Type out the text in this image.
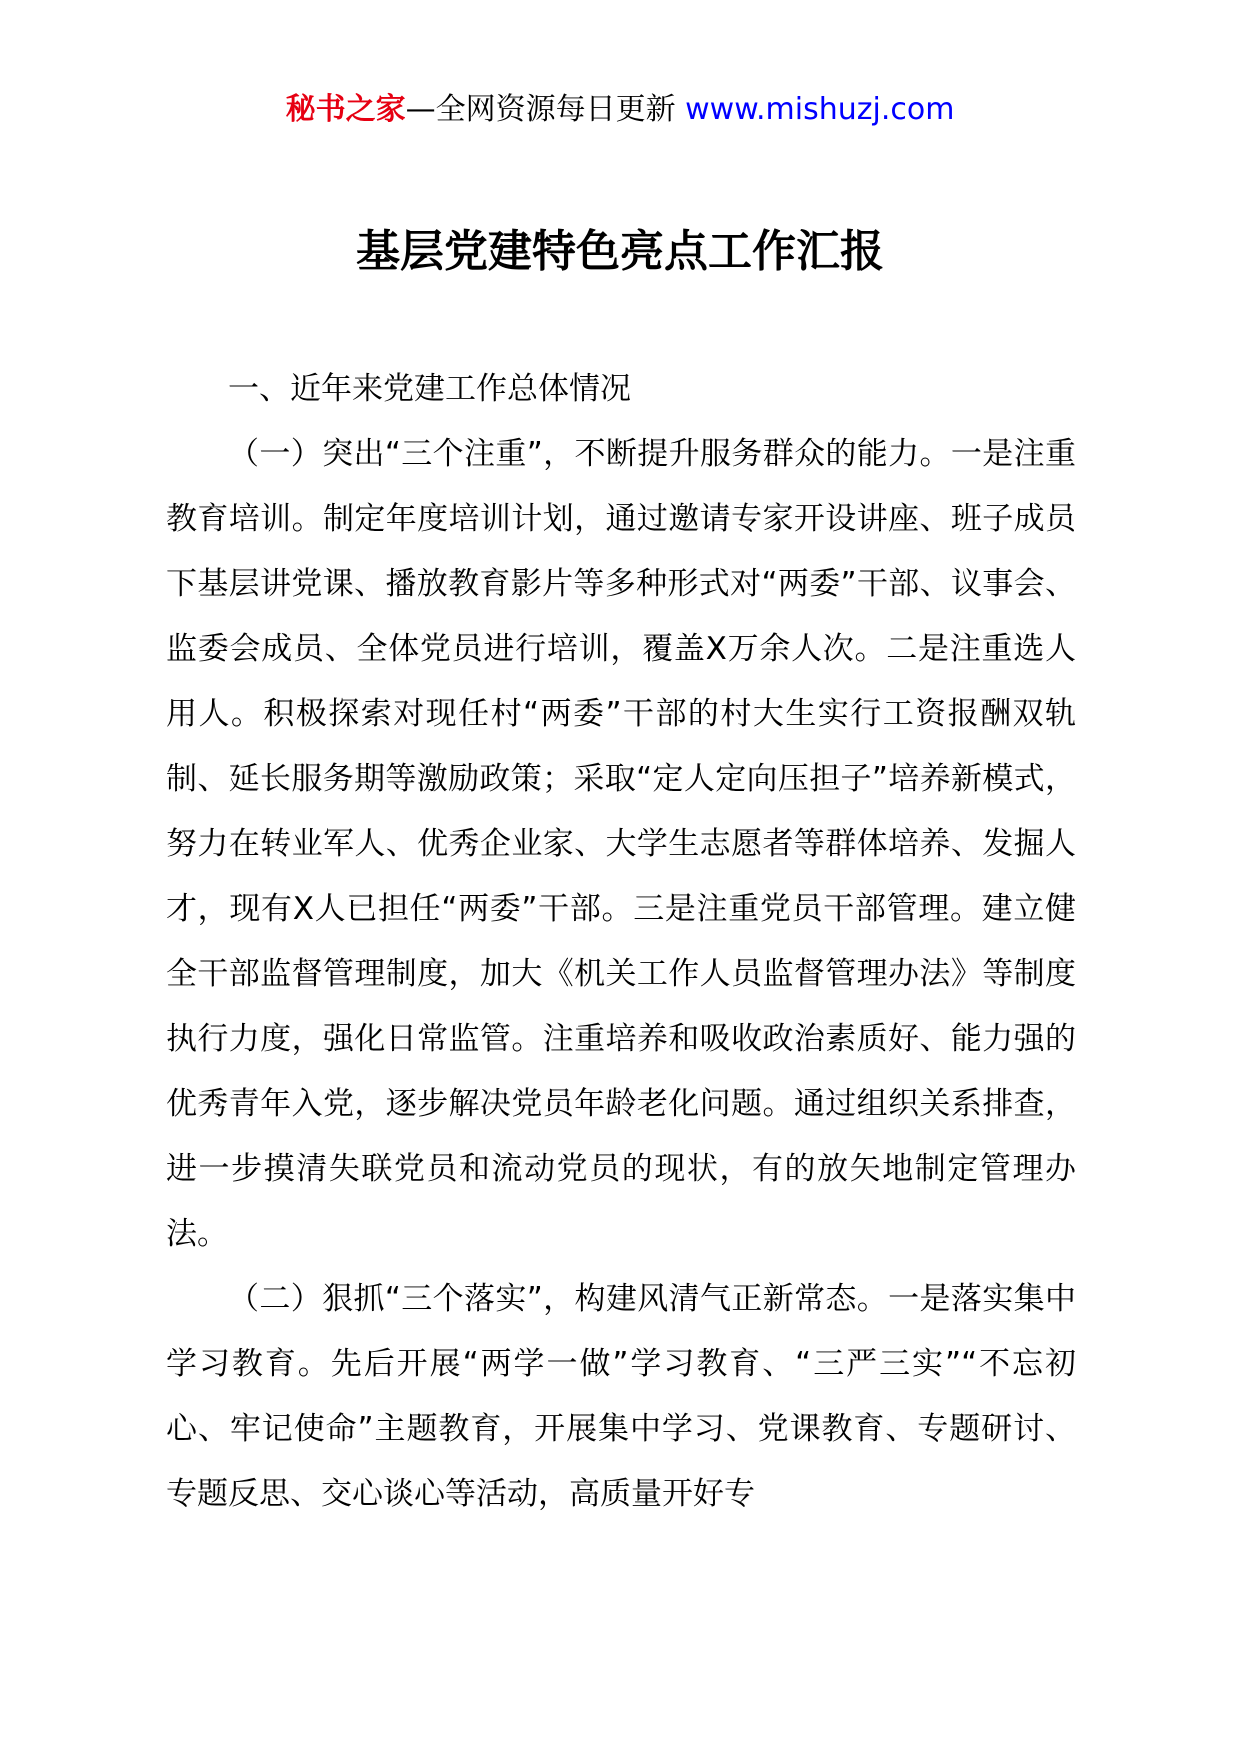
秘书之家—全网资源每日更新 www.mishuzj.com
基层党建特色亮点工作汇报

一、近年来党建工作总体情况

（一）突出“三个注重”，不断提升服务群众的能力。一是注重教育培训。制定年度培训计划，通过邀请专家开设讲座、班子成员下基层讲党课、播放教育影片等多种形式对“两委”干部、议事会、监委会成员、全体党员进行培训，覆盖X万余人次。二是注重选人用人。积极探索对现任村“两委”干部的村大生实行工资报酬双轨制、延长服务期等激励政策；采取“定人定向压担子”培养新模式，努力在转业军人、优秀企业家、大学生志愿者等群体培养、发掘人才，现有X人已担任“两委”干部。三是注重党员干部管理。建立健全干部监督管理制度，加大《机关工作人员监督管理办法》等制度执行力度，强化日常监管。注重培养和吸收政治素质好、能力强的优秀青年入党，逐步解决党员年龄老化问题。通过组织关系排查，进一步摸清失联党员和流动党员的现状，有的放矢地制定管理办法。

（二）狠抓“三个落实”，构建风清气正新常态。一是落实集中学习教育。先后开展“两学一做”学习教育、“三严三实”“不忘初心、牢记使命”主题教育，开展集中学习、党课教育、专题研讨、专题反思、交心谈心等活动，高质量开好专
